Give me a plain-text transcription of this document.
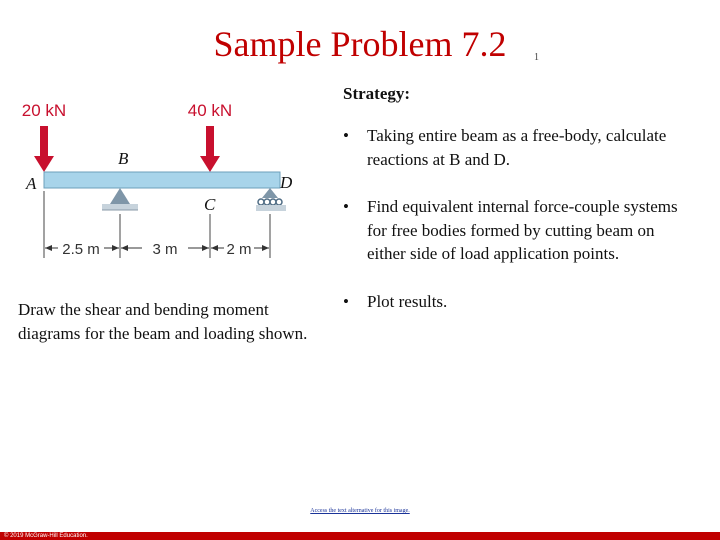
Sample Problem 7.2	1
20 kN	40 kN
A
B
C
D
2.5 m	3 m	2 m
Draw the shear and bending moment diagrams for the beam and loading shown.
Strategy:
• Taking entire beam as a free-body, calculate reactions at B and D.
• Find equivalent internal force-couple systems for free bodies formed by cutting beam on either side of load application points.
• Plot results.
Access the text alternative for this image.
© 2019 McGraw-Hill Education.
